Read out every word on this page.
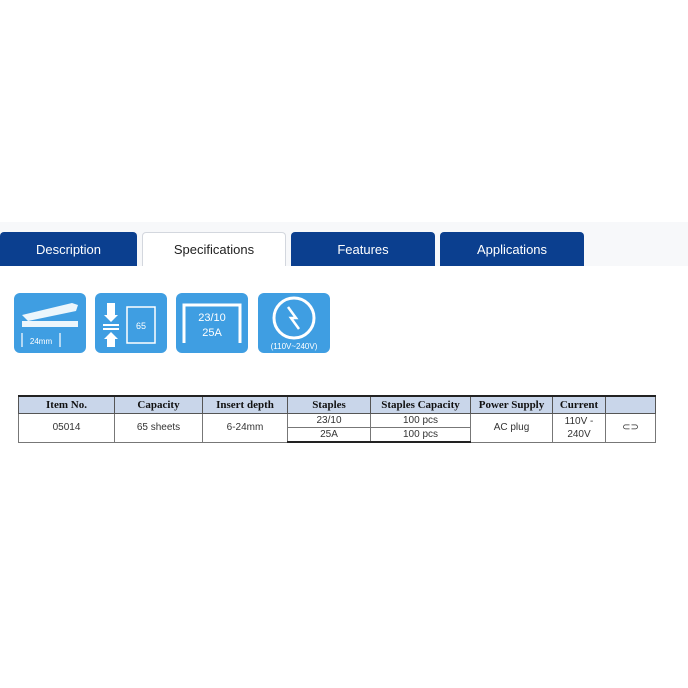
Description	Specifications	Features	Applications
24mm
65
23/10
25A
(110V~240V)
Item No.	Capacity	Insert depth	Staples	Staples Capacity	Power Supply	Current	
05014	65 sheets	6-24mm	23/10	100 pcs	AC plug	110V - 240V	⊂⊃
			25A	100 pcs			
